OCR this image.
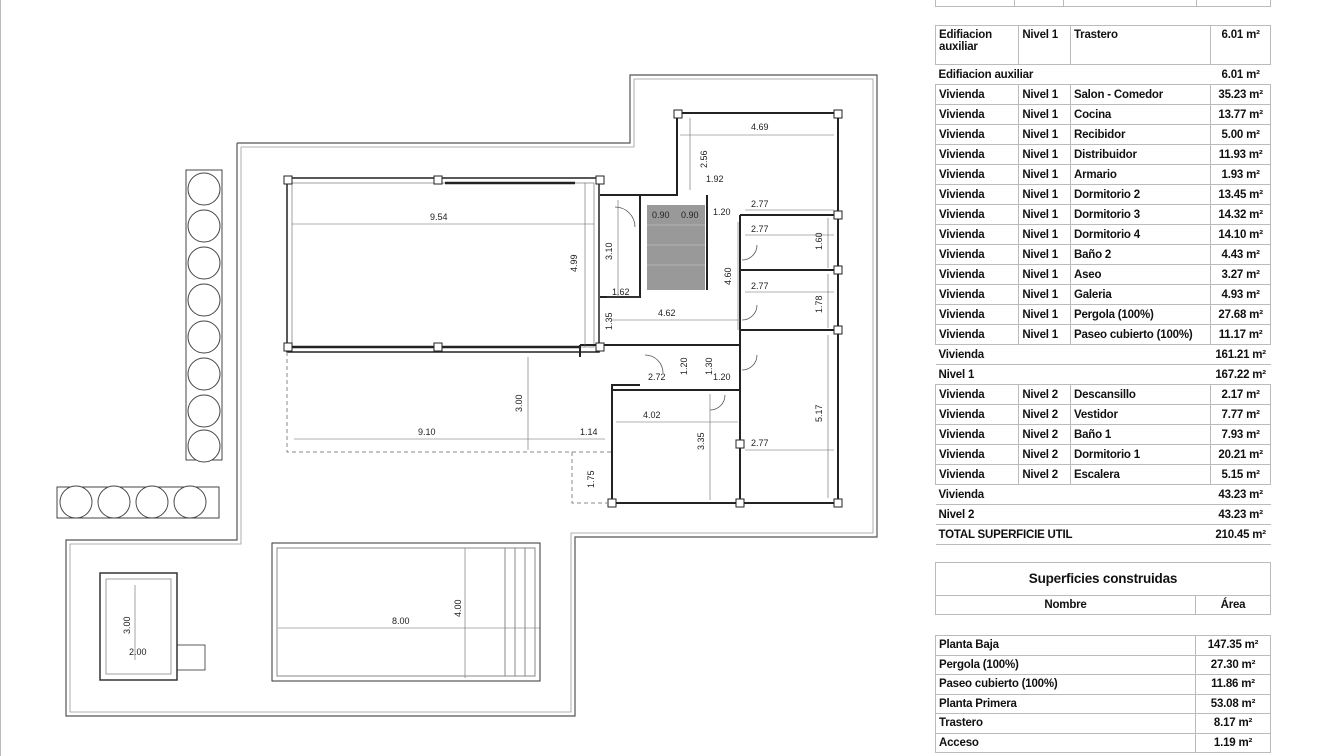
9.54
4.99
3.10
1.62
0.90 0.90 1.20
1.92
2.56
4.69
2.77
2.77
1.60
4.60
2.77
1.78
4.62
1.35
2.72
1.20 1.30
1.20
3.00
9.10	1.14
4.02
3.35
5.17
2.77
1.75
8.00
4.00
3.00
2.00

Edifiacion auxiliar	Nivel 1	Trastero	6.01 m²
Edifiacion auxiliar			6.01 m²
Vivienda	Nivel 1	Salon - Comedor	35.23 m²
Vivienda	Nivel 1	Cocina	13.77 m²
Vivienda	Nivel 1	Recibidor	5.00 m²
Vivienda	Nivel 1	Distribuidor	11.93 m²
Vivienda	Nivel 1	Armario	1.93 m²
Vivienda	Nivel 1	Dormitorio 2	13.45 m²
Vivienda	Nivel 1	Dormitorio 3	14.32 m²
Vivienda	Nivel 1	Dormitorio 4	14.10 m²
Vivienda	Nivel 1	Baño 2	4.43 m²
Vivienda	Nivel 1	Aseo	3.27 m²
Vivienda	Nivel 1	Galeria	4.93 m²
Vivienda	Nivel 1	Pergola (100%)	27.68 m²
Vivienda	Nivel 1	Paseo cubierto (100%)	11.17 m²
Vivienda			161.21 m²
Nivel 1			167.22 m²
Vivienda	Nivel 2	Descansillo	2.17 m²
Vivienda	Nivel 2	Vestidor	7.77 m²
Vivienda	Nivel 2	Baño 1	7.93 m²
Vivienda	Nivel 2	Dormitorio 1	20.21 m²
Vivienda	Nivel 2	Escalera	5.15 m²
Vivienda			43.23 m²
Nivel 2			43.23 m²
TOTAL SUPERFICIE UTIL			210.45 m²
Superficies construidas
Nombre	Área
Planta Baja	147.35 m²
Pergola (100%)	27.30 m²
Paseo cubierto (100%)	11.86 m²
Planta Primera	53.08 m²
Trastero	8.17 m²
Acceso	1.19 m²
